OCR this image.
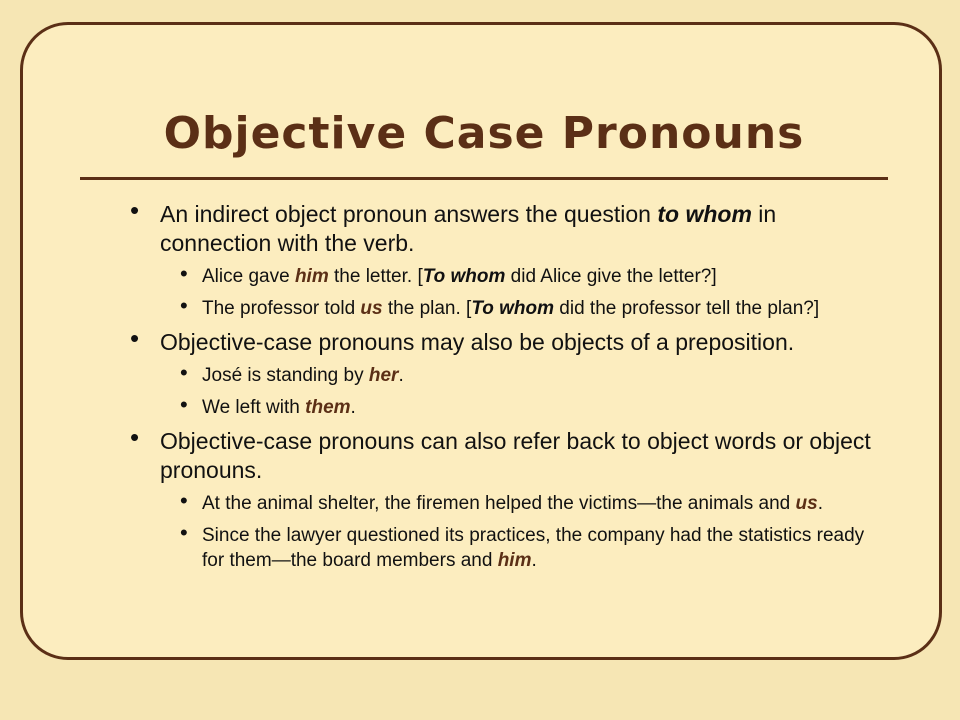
Objective Case Pronouns
• An indirect object pronoun answers the question to whom in connection with the verb.
• Alice gave him the letter. [To whom did Alice give the letter?]
• The professor told us the plan. [To whom did the professor tell the plan?]
• Objective-case pronouns may also be objects of a preposition.
• José is standing by her.
• We left with them.
• Objective-case pronouns can also refer back to object words or object pronouns.
• At the animal shelter, the firemen helped the victims—the animals and us.
• Since the lawyer questioned its practices, the company had the statistics ready for them—the board members and him.
